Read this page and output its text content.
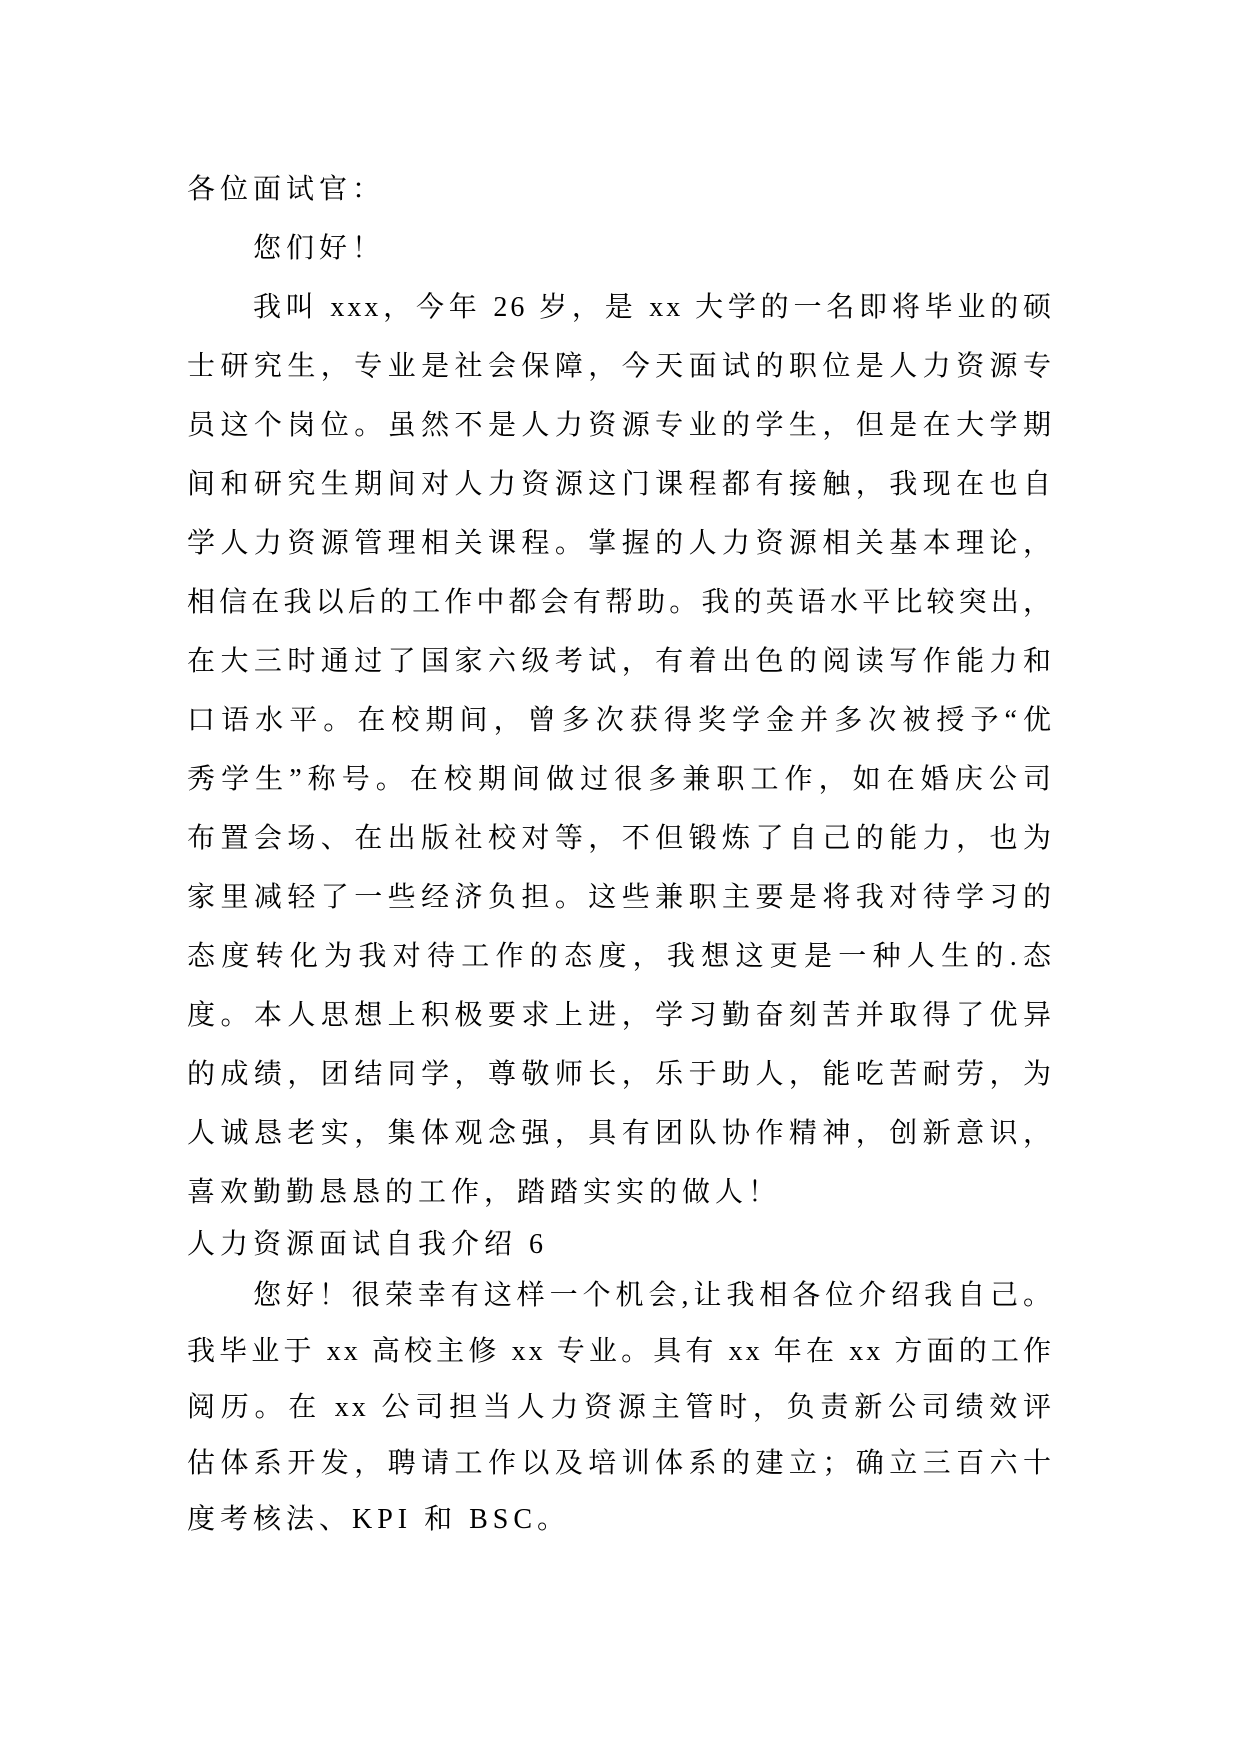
各位面试官：
您们好！
我叫 xxx，今年 26 岁，是 xx 大学的一名即将毕业的硕
士研究生，专业是社会保障，今天面试的职位是人力资源专
员这个岗位。虽然不是人力资源专业的学生，但是在大学期
间和研究生期间对人力资源这门课程都有接触，我现在也自
学人力资源管理相关课程。掌握的人力资源相关基本理论，
相信在我以后的工作中都会有帮助。我的英语水平比较突出，
在大三时通过了国家六级考试，有着出色的阅读写作能力和
口语水平。在校期间，曾多次获得奖学金并多次被授予“优
秀学生”称号。在校期间做过很多兼职工作，如在婚庆公司
布置会场、在出版社校对等，不但锻炼了自己的能力，也为
家里减轻了一些经济负担。这些兼职主要是将我对待学习的
态度转化为我对待工作的态度，我想这更是一种人生的.态
度。本人思想上积极要求上进，学习勤奋刻苦并取得了优异
的成绩，团结同学，尊敬师长，乐于助人，能吃苦耐劳，为
人诚恳老实，集体观念强，具有团队协作精神，创新意识，
喜欢勤勤恳恳的工作，踏踏实实的做人！
人力资源面试自我介绍 6
您好！很荣幸有这样一个机会,让我相各位介绍我自己。
我毕业于 xx 高校主修 xx 专业。具有 xx 年在 xx 方面的工作
阅历。在 xx 公司担当人力资源主管时，负责新公司绩效评
估体系开发，聘请工作以及培训体系的建立；确立三百六十
度考核法、KPI 和 BSC。
